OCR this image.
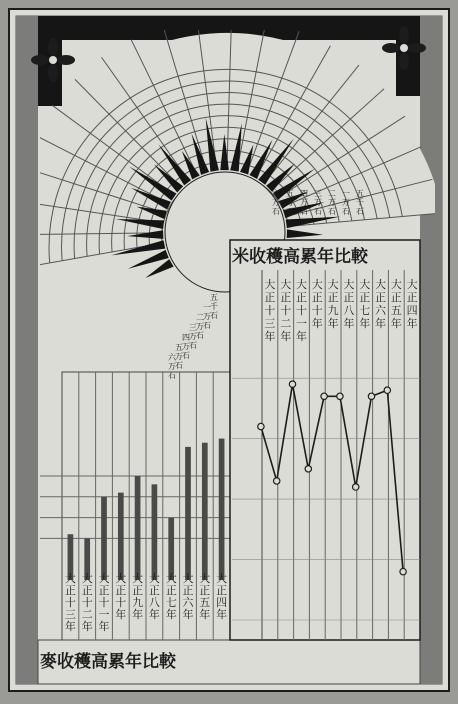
五千石
一万石
二万石
三万石
四万石
五万石
六万石
五千石
一万石
二万石
三万石
四万石
五万石
六万石
大正十三年
大正十二年
大正十一年
大正十年
大正九年
大正八年
大正七年
大正六年
大正五年
大正四年
大正十三年
大正十二年
大正十一年
大正十年
大正九年
大正八年
大正七年
大正六年
大正五年
大正四年
米收穫高累年比較
麥收穫高累年比較
